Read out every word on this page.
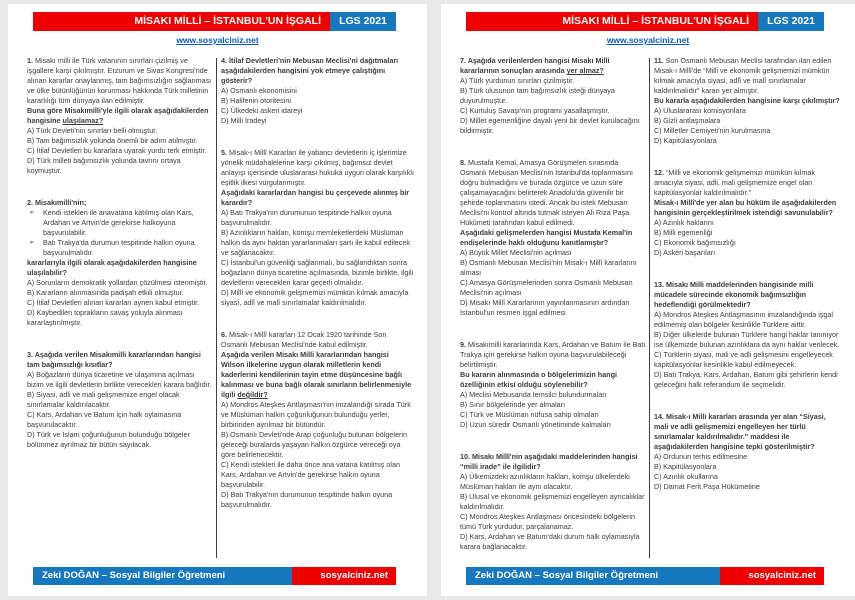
MİSAKI MİLLİ – İSTANBUL'UN İŞGALİ	LGS 2021
www.sosyalciniz.net
1. Misakı milli ile Türk vatanının sınırları çizilmiş ve işgallere karşı çıkılmıştır. Erzurum ve Sivas Kongresi'nde alınan kararlar onaylanmış, tam bağımsızlığın sağlanması ve ülke bütünlüğünün korunması hakkında Türk milletinin kararlılığı tüm dünyaya ilan edilmiştir.
Buna göre Misakımilli'yle ilgili olarak aşağıdakilerden hangisine ulaşılamaz?
A) Türk Devleti'nin sınırları belli olmuştur.
B) Tam bağımsızlık yolunda önemli bir adım atılmıştır.
C) İtilaf Devletleri bu kararlara uyarak yurdu terk etmiştir.
D) Türk milleti bağımsızlık yolunda tavrını ortaya koymuştur.
2. Misakımilli'nin;
➢ Kendi istekleri ile anavatana katılmış olan Kars, Ardahan ve Artvin'de gerekirse halkoyuna başvurulabilir.
➢ Batı Trakya'da durumun tespitinde halkın oyuna başvurulmalıdır.
kararlarıyla ilgili olarak aşağıdakilerden hangisine ulaşılabilir?
A) Sorunların demokratik yollardan çözülmesi istenmiştir.
B) Kararların alınmasında padişah etkili olmuştur.
C) İtilaf Devletleri alınan kararları aynen kabul etmiştir.
D) Kaybedilen toprakların savaş yoluyla alınması kararlaştırılmıştır.
3. Aşağıda verilen Misakımilli kararlarından hangisi tam bağımsızlığı kısıtlar?
A) Boğazların dünya ticaretine ve ulaşımına açılması bizim ve ilgili devletlerin birlikte verecekleri karara bağlıdır.
B) Siyasi, adli ve mali gelişmemize engel olacak sınırlamalar kaldırılacaktır.
C) Kars, Ardahan ve Batum için halk oylamasına başvurulacaktır.
D) Türk ve İslam çoğunluğunun bulunduğu bölgeler bölünmez ayrılmaz bir bütün sayılacak.
4. İtilaf Devletleri'nin Mebusan Meclisi'ni dağıtmaları aşağıdakilerden hangisini yok etmeye çalıştığını gösterir?
A) Osmanlı ekonomisini
B) Halifenin otoritesini
C) Ülkedeki askeri idareyi
D) Milli İradeyi
5. Misak-ı Millî Kararları ile yabancı devletlerin iç işlerimize yönelik müdahalelerine karşı çıkılmış, bağımsız devlet anlayışı içerisinde uluslararası hukuka uygun olarak karşılıklı eşitlik ilkesi vurgulanmıştır.
Aşağıdaki kararlardan hangisi bu çerçevede alınmış bir karardır?
A) Batı Trakya'nın durumunun tespitinde halkın oyuna başvurulmalıdır.
B) Azınlıkların hakları, komşu memleketlerdeki Müslüman halkın da aynı haktan yararlanmaları şartı ile kabul edilecek ve sağlanacaktır.
C) İstanbul'un güvenliği sağlanmalı, bu sağlandıktan sonra boğazların dünya ticaretine açılmasında, bizimle birlikte, ilgili devletlerin verecekleri karar geçerli olmalıdır.
D) Millî ve ekonomik gelişmemizi mümkün kılmak amacıyla siyasî, adlî ve malî sınırlamalar kaldırılmalıdır.
6. Misak-ı Millî kararları 12 Ocak 1920 tarihinde Son Osmanlı Mebusan Meclisi'nde kabul edilmiştir.
Aşağıda verilen Misakı Milli kararlarından hangisi Wilson ilkelerine uygun olarak milletlerin kendi kaderlerini kendilerinin tayin etme düşüncesine bağlı kalınması ve buna bağlı olarak sınırların belirlenmesiyle ilgili değildir?
A) Mondros Ateşkes Antlaşması'nın imzalandığı sırada Türk ve Müslüman halkın çoğunluğunun bulunduğu yerler, birbirinden ayrılmaz bir bütündür.
B) Osmanlı Devleti'nde Arap çoğunluğu bulunan bölgelerin geleceği buralarda yaşayan halkın özgürce vereceği oya göre belirlenecektir.
C) Kendi istekleri ile daha önce ana vatana katılmış olan Kars, Ardahan ve Artvin'de gerekirse halkın oyuna başvurulabilir.
D) Batı Trakya'nın durumunun tespitinde halkın oyuna başvurulmalıdır.
Zeki DOĞAN – Sosyal Bilgiler Öğretmeni	sosyalciniz.net
MİSAKI MİLLİ – İSTANBUL'UN İŞGALİ	LGS 2021
www.sosyalciniz.net
7. Aşağıda verilenlerden hangisi Misakı Milli kararlarının sonuçları arasında yer almaz?
A) Türk yurdunun sınırları çizilmiştir.
B) Türk ulusunun tam bağımsızlık isteği dünyaya duyurulmuştur.
C) Kurtuluş Savaşı'nın programı yasallaşmıştır.
D) Millet egemenliğine dayalı yeni bir devlet kurulacağını bildirmiştir.
8. Mustafa Kemal, Amasya Görüşmeleri sırasında Osmanlı Mebusan Meclisi'nin İstanbul'da toplanmasını doğru bulmadığını ve burada özgürce ve uzun süre çalışamayacağını belirterek Anadolu'da güvenilir bir şehirde toplanmasını istedi. Ancak bu istek Mebusan Meclisi'ni kontrol altında tutmak isteyen Ali Rıza Paşa Hükûmeti tarafından kabul edilmedi.
Aşağıdaki gelişmelerden hangisi Mustafa Kemal'in endişelerinde haklı olduğunu kanıtlamıştır?
A) Büyük Millet Meclisi'nin açılması
B) Osmanlı Mebusan Meclisi'nin Misak-ı Millî kararlarını alması
C) Amasya Görüşmelerinden sonra Osmanlı Mebusan Meclisi'nin açılması
D) Misakı Millî Kararlarının yayınlanmasının ardından İstanbul'un resmen işgal edilmesi
9. Misakımilli kararlarında Kars, Ardahan ve Batum ile Batı Trakya için gerekirse halkın oyuna başvurulabileceği belirtilmiştir.
Bu kararın alınmasında o bölgelerimizin hangi özelliğinin etkisi olduğu söylenebilir?
A) Meclisi Mebusanda temsilci bulundurmaları
B) Sınır bölgelerinde yer almaları
C) Türk ve Müslüman nüfusa sahip olmaları
D) Uzun süredir Osmanlı yönetiminde kalmaları
10. Misakı Millî'nin aşağıdaki maddelerinden hangisi “milli irade” ile ilgilidir?
A) Ülkemizdeki azınlıkların hakları, komşu ülkelerdeki Müslüman hakları ile aynı olacaktır.
B) Ulusal ve ekonomik gelişmemizi engelleyen ayrıcalıklar kaldırılmalıdır.
C) Mondros Ateşkes Antlaşması öncesindeki bölgelerin tümü Türk yurdudur, parçalanamaz.
D) Kars, Ardahan ve Batum'daki durum halk oylamasıyla karara bağlanacaktır.
11. Son Osmanlı Mebusan Meclisi tarafından ilan edilen Misak-ı Millî'de “Milli ve ekonomik gelişmemizi mümkün kılmak amacıyla siyasi, adlî ve malî sınırlamalar kaldırılmalıdır” kararı yer almıştır.
Bu kararla aşağıdakilerden hangisine karşı çıkılmıştır?
A) Uluslararası komisyonlara
B) Gizli antlaşmalara
C) Milletler Cemiyeti'nin kurulmasına
D) Kapitülasyonlara
12. “Milli ve ekonomik gelişmemizi mümkün kılmak amacıyla siyasi, adli, mali gelişmemize engel olan kapitülasyonlar kaldırılmalıdır.”
Misak-ı Millî'de yer alan bu hüküm ile aşağıdakilerden hangisinin gerçekleştirilmek istendiği savunulabilir?
A) Azınlık haklarını
B) Milli egemenliği
C) Ekonomik bağımsızlığı
D) Askeri başarıları
13. Misakı Milli maddelerinden hangisinde milli mücadele sürecinde ekonomik bağımsızlığın hedeflendiği görülmektedir?
A) Mondros Ateşkes Antlaşmasının imzalandığında işgal edilmemiş olan bölgeler kesinlikle Türklere aittir.
B) Diğer ülkelerde bulunan Türklere hangi haklar tanınıyor ise ülkemizde bulunan azınlıklara da aynı haklar verilecek.
C) Türklerin siyasi, mali ve adli gelişmesini engelleyecek kapitülasyonlar kesinlikle kabul edilmeyecek.
D) Batı Trakya, Kars, Ardahan, Batum gibi şehirlerin kendi geleceğini halk referandum ile seçmelidir.
14. Misak-ı Milli kararları arasında yer alan “Siyasi, mali ve adli gelişmemizi engelleyen her türlü sınırlamalar kaldırılmalıdır.” maddesi ile aşağıdakilerden hangisine tepki gösterilmiştir?
A) Ordunun terhis edilmesine
B) Kapitülasyonlara
C) Azınlık okullarına
D) Damat Ferit Paşa Hükümetine
Zeki DOĞAN – Sosyal Bilgiler Öğretmeni	sosyalciniz.net
